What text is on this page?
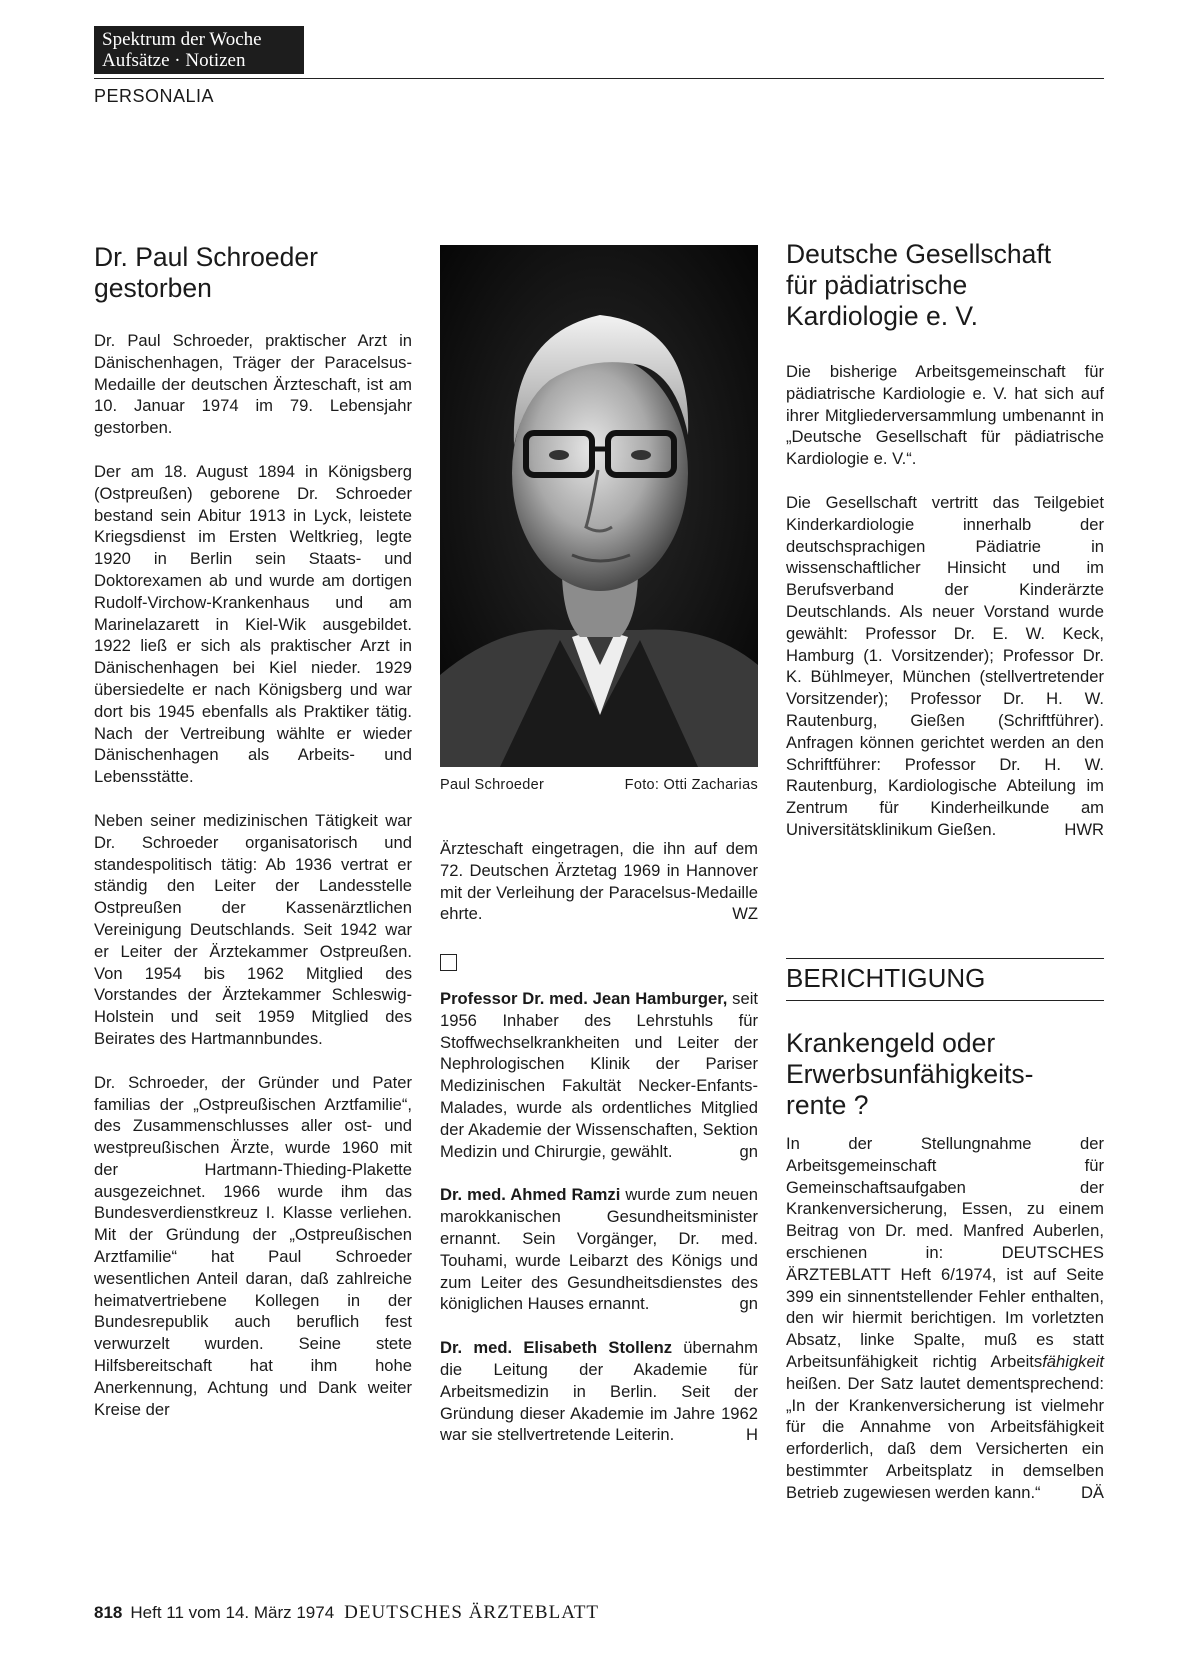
Spektrum der Woche
Aufsätze · Notizen
PERSONALIA
Dr. Paul Schroeder
gestorben

Dr. Paul Schroeder, praktischer Arzt in Dänischenhagen, Träger der Paracelsus-Medaille der deutschen Ärzteschaft, ist am 10. Januar 1974 im 79. Lebensjahr gestorben.

Der am 18. August 1894 in Königsberg (Ostpreußen) geborene Dr. Schroeder bestand sein Abitur 1913 in Lyck, leistete Kriegsdienst im Ersten Weltkrieg, legte 1920 in Berlin sein Staats- und Doktorexamen ab und wurde am dortigen Rudolf-Virchow-Krankenhaus und am Marinelazarett in Kiel-Wik ausgebildet. 1922 ließ er sich als praktischer Arzt in Dänischenhagen bei Kiel nieder. 1929 übersiedelte er nach Königsberg und war dort bis 1945 ebenfalls als Praktiker tätig. Nach der Vertreibung wählte er wieder Dänischenhagen als Arbeits- und Lebensstätte.

Neben seiner medizinischen Tätigkeit war Dr. Schroeder organisatorisch und standespolitisch tätig: Ab 1936 vertrat er ständig den Leiter der Landesstelle Ostpreußen der Kassenärztlichen Vereinigung Deutschlands. Seit 1942 war er Leiter der Ärztekammer Ostpreußen. Von 1954 bis 1962 Mitglied des Vorstandes der Ärztekammer Schleswig-Holstein und seit 1959 Mitglied des Beirates des Hartmannbundes.

Dr. Schroeder, der Gründer und Pater familias der „Ostpreußischen Arztfamilie“, des Zusammenschlusses aller ost- und westpreußischen Ärzte, wurde 1960 mit der Hartmann-Thieding-Plakette ausgezeichnet. 1966 wurde ihm das Bundesverdienstkreuz I. Klasse verliehen. Mit der Gründung der „Ostpreußischen Arztfamilie“ hat Paul Schroeder wesentlichen Anteil daran, daß zahlreiche heimatvertriebene Kollegen in der Bundesrepublik auch beruflich fest verwurzelt wurden. Seine stete Hilfsbereitschaft hat ihm hohe Anerkennung, Achtung und Dank weiter Kreise der

Paul Schroeder	Foto: Otti Zacharias

Ärzteschaft eingetragen, die ihn auf dem 72. Deutschen Ärztetag 1969 in Hannover mit der Verleihung der Paracelsus-Medaille ehrte.	WZ

Professor Dr. med. Jean Hamburger, seit 1956 Inhaber des Lehrstuhls für Stoffwechselkrankheiten und Leiter der Nephrologischen Klinik der Pariser Medizinischen Fakultät Necker-Enfants-Malades, wurde als ordentliches Mitglied der Akademie der Wissenschaften, Sektion Medizin und Chirurgie, gewählt.	gn

Dr. med. Ahmed Ramzi wurde zum neuen marokkanischen Gesundheitsminister ernannt. Sein Vorgänger, Dr. med. Touhami, wurde Leibarzt des Königs und zum Leiter des Gesundheitsdienstes des königlichen Hauses ernannt.	gn

Dr. med. Elisabeth Stollenz übernahm die Leitung der Akademie für Arbeitsmedizin in Berlin. Seit der Gründung dieser Akademie im Jahre 1962 war sie stellvertretende Leiterin.	H

Deutsche Gesellschaft
für pädiatrische
Kardiologie e. V.

Die bisherige Arbeitsgemeinschaft für pädiatrische Kardiologie e. V. hat sich auf ihrer Mitgliederversammlung umbenannt in „Deutsche Gesellschaft für pädiatrische Kardiologie e. V.“.

Die Gesellschaft vertritt das Teilgebiet Kinderkardiologie innerhalb der deutschsprachigen Pädiatrie in wissenschaftlicher Hinsicht und im Berufsverband der Kinderärzte Deutschlands. Als neuer Vorstand wurde gewählt: Professor Dr. E. W. Keck, Hamburg (1. Vorsitzender); Professor Dr. K. Bühlmeyer, München (stellvertretender Vorsitzender); Professor Dr. H. W. Rautenburg, Gießen (Schriftführer). Anfragen können gerichtet werden an den Schriftführer: Professor Dr. H. W. Rautenburg, Kardiologische Abteilung im Zentrum für Kinderheilkunde am Universitätsklinikum Gießen.	HWR

BERICHTIGUNG
Krankengeld oder
Erwerbsunfähigkeits-
rente ?

In der Stellungnahme der Arbeitsgemeinschaft für Gemeinschaftsaufgaben der Krankenversicherung, Essen, zu einem Beitrag von Dr. med. Manfred Auberlen, erschienen in: DEUTSCHES ÄRZTEBLATT Heft 6/1974, ist auf Seite 399 ein sinnentstellender Fehler enthalten, den wir hiermit berichtigen. Im vorletzten Absatz, linke Spalte, muß es statt Arbeitsunfähigkeit richtig Arbeitsfähigkeit heißen. Der Satz lautet dementsprechend: „In der Krankenversicherung ist vielmehr für die Annahme von Arbeitsfähigkeit erforderlich, daß dem Versicherten ein bestimmter Arbeitsplatz in demselben Betrieb zugewiesen werden kann.“ DÄ

818 Heft 11 vom 14. März 1974 DEUTSCHES ÄRZTEBLATT
